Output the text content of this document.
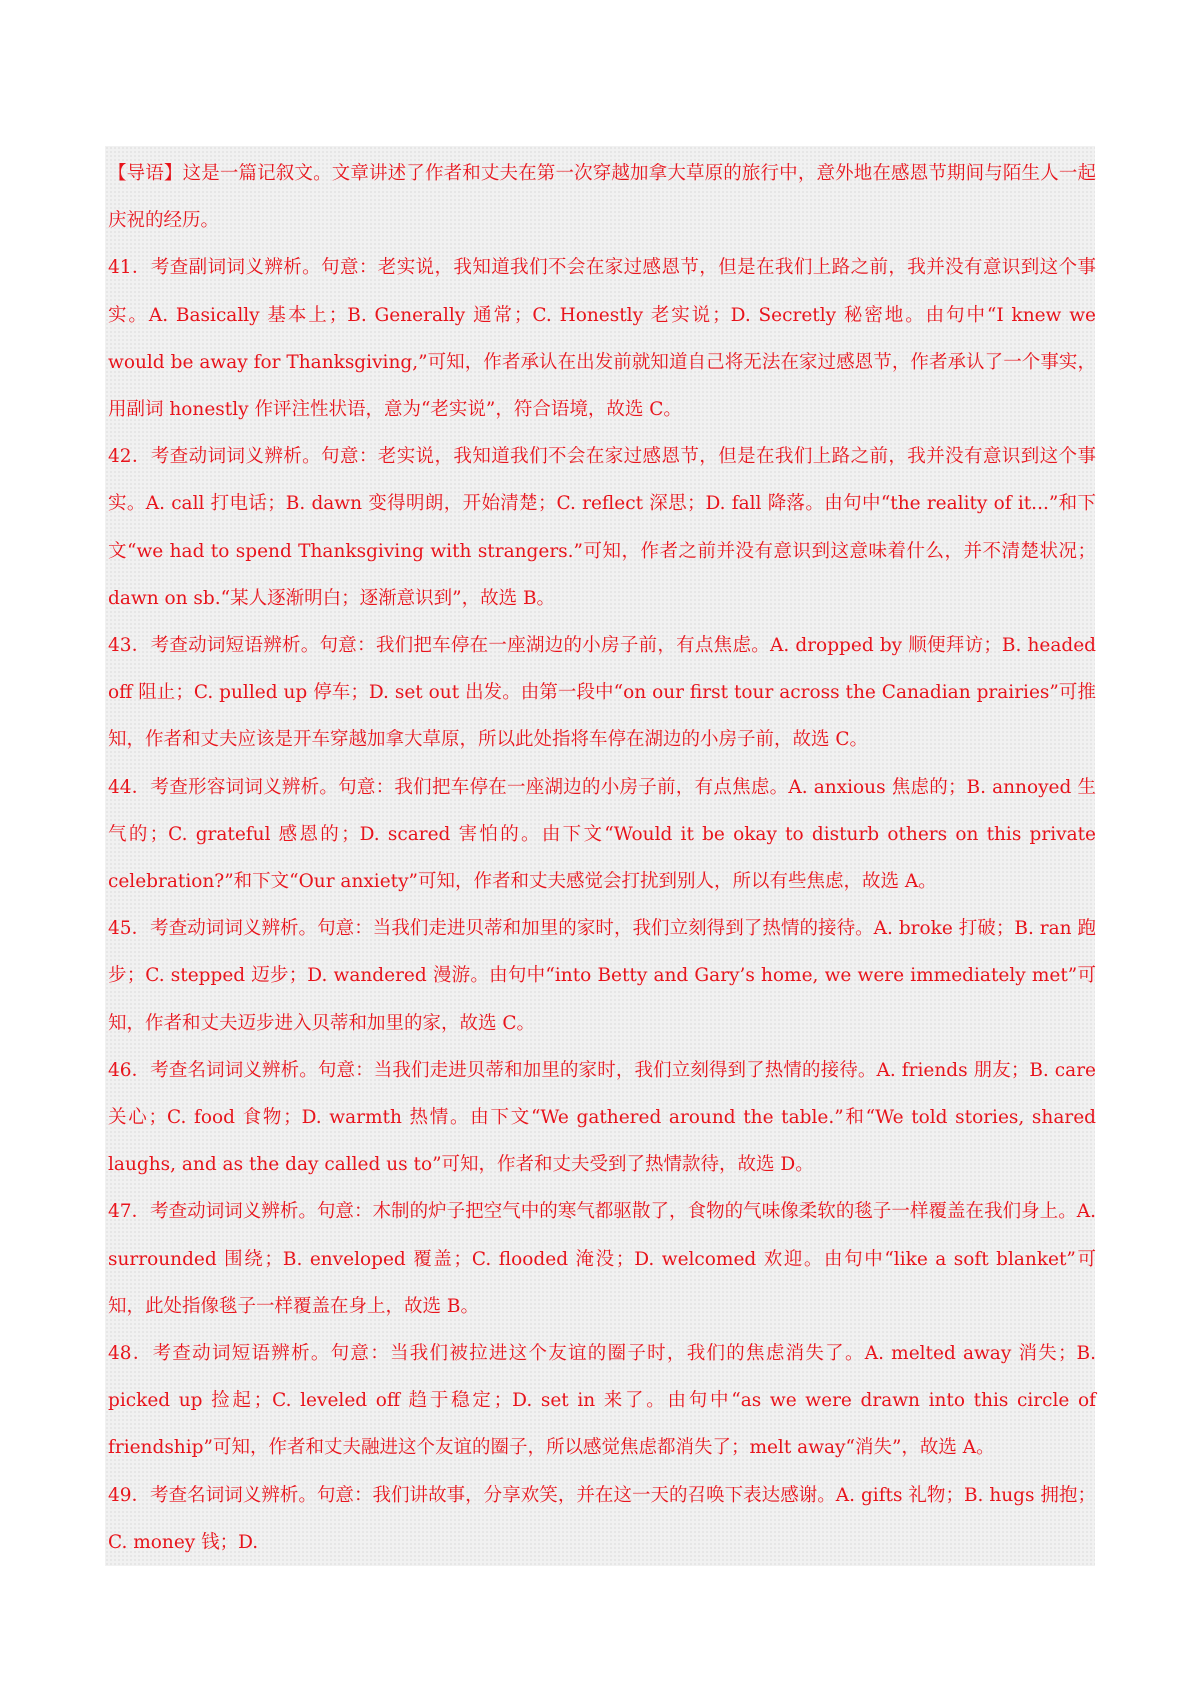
【导语】这是一篇记叙文。文章讲述了作者和丈夫在第一次穿越加拿大草原的旅行中，意外地在感恩节期间与陌生人一起庆祝的经历。

41．考查副词词义辨析。句意：老实说，我知道我们不会在家过感恩节，但是在我们上路之前，我并没有意识到这个事实。A. Basically 基本上；B. Generally 通常；C. Honestly 老实说；D. Secretly 秘密地。由句中“I knew we would be away for Thanksgiving,”可知，作者承认在出发前就知道自己将无法在家过感恩节，作者承认了一个事实，用副词 honestly 作评注性状语，意为“老实说”，符合语境，故选 C。

42．考查动词词义辨析。句意：老实说，我知道我们不会在家过感恩节，但是在我们上路之前，我并没有意识到这个事实。A. call 打电话；B. dawn 变得明朗，开始清楚；C. reflect 深思；D. fall 降落。由句中“the reality of it...”和下文“we had to spend Thanksgiving with strangers.”可知，作者之前并没有意识到这意味着什么，并不清楚状况；dawn on sb.“某人逐渐明白；逐渐意识到”，故选 B。

43．考查动词短语辨析。句意：我们把车停在一座湖边的小房子前，有点焦虑。A. dropped by 顺便拜访；B. headed off 阻止；C. pulled up 停车；D. set out 出发。由第一段中“on our first tour across the Canadian prairies”可推知，作者和丈夫应该是开车穿越加拿大草原，所以此处指将车停在湖边的小房子前，故选 C。

44．考查形容词词义辨析。句意：我们把车停在一座湖边的小房子前，有点焦虑。A. anxious 焦虑的；B. annoyed 生气的；C. grateful 感恩的；D. scared 害怕的。由下文“Would it be okay to disturb others on this private celebration?”和下文“Our anxiety”可知，作者和丈夫感觉会打扰到别人，所以有些焦虑，故选 A。

45．考查动词词义辨析。句意：当我们走进贝蒂和加里的家时，我们立刻得到了热情的接待。A. broke 打破；B. ran 跑步；C. stepped 迈步；D. wandered 漫游。由句中“into Betty and Gary’s home, we were immediately met”可知，作者和丈夫迈步进入贝蒂和加里的家，故选 C。

46．考查名词词义辨析。句意：当我们走进贝蒂和加里的家时，我们立刻得到了热情的接待。A. friends 朋友；B. care 关心；C. food 食物；D. warmth 热情。由下文“We gathered around the table.”和“We told stories, shared laughs, and as the day called us to”可知，作者和丈夫受到了热情款待，故选 D。

47．考查动词词义辨析。句意：木制的炉子把空气中的寒气都驱散了，食物的气味像柔软的毯子一样覆盖在我们身上。A. surrounded 围绕；B. enveloped 覆盖；C. flooded 淹没；D. welcomed 欢迎。由句中“like a soft blanket”可知，此处指像毯子一样覆盖在身上，故选 B。

48．考查动词短语辨析。句意：当我们被拉进这个友谊的圈子时，我们的焦虑消失了。A. melted away 消失；B. picked up 捡起；C. leveled off 趋于稳定；D. set in 来了。由句中“as we were drawn into this circle of friendship”可知，作者和丈夫融进这个友谊的圈子，所以感觉焦虑都消失了；melt away“消失”，故选 A。

49．考查名词词义辨析。句意：我们讲故事，分享欢笑，并在这一天的召唤下表达感谢。A. gifts 礼物；B. hugs 拥抱；C. money 钱；D.
